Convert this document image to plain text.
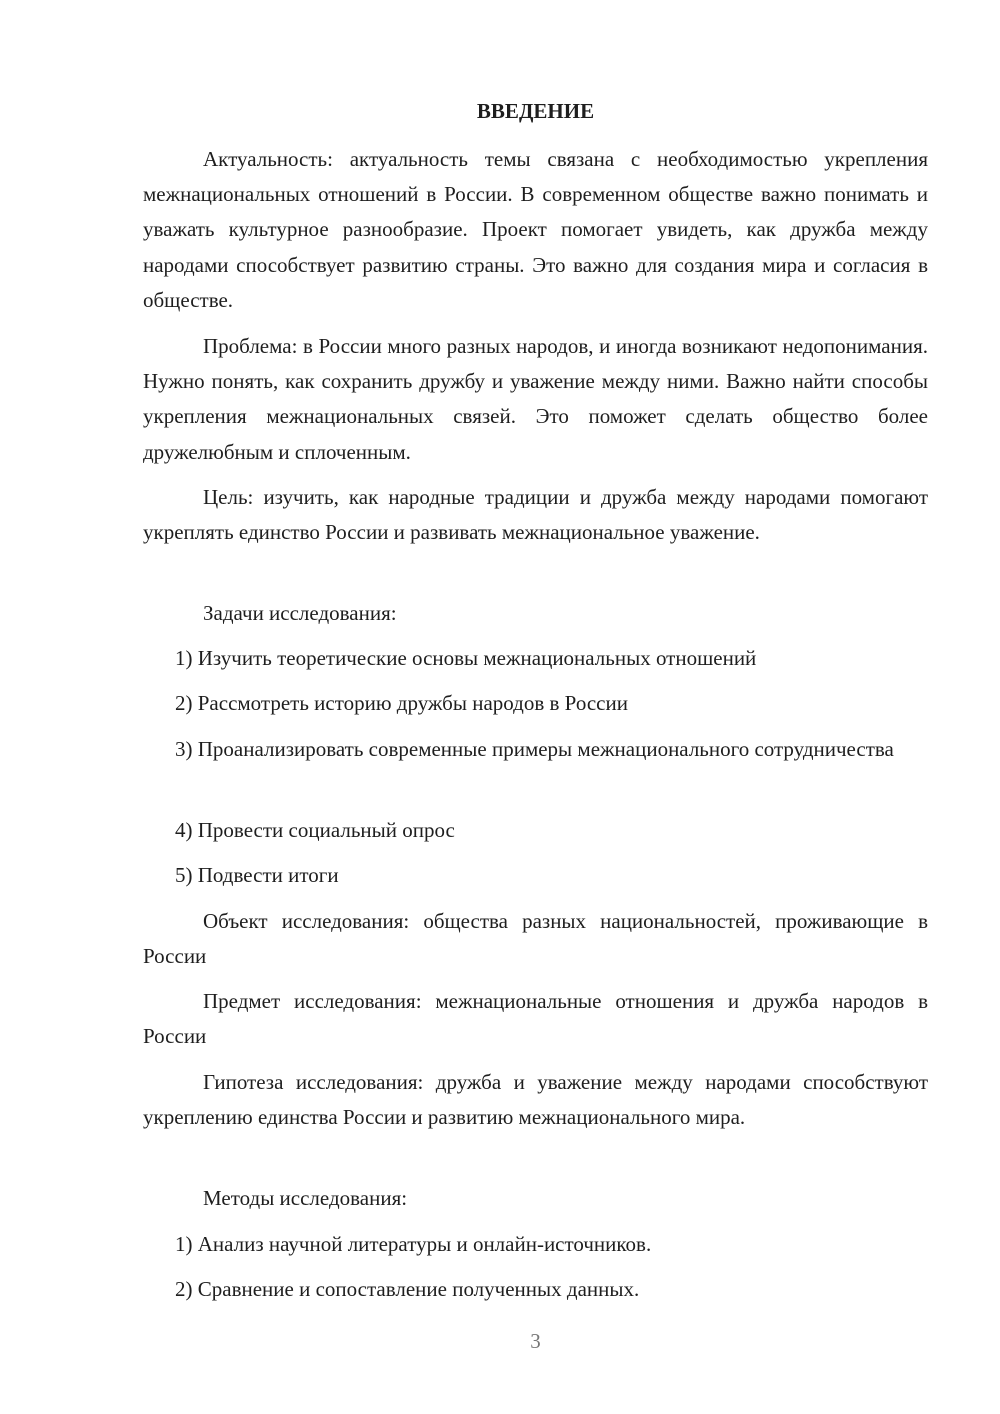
ВВЕДЕНИЕ

Актуальность: актуальность темы связана с необходимостью укрепления межнациональных отношений в России. В современном обществе важно понимать и уважать культурное разнообразие. Проект помогает увидеть, как дружба между народами способствует развитию страны. Это важно для создания мира и согласия в обществе.

Проблема: в России много разных народов, и иногда возникают недопонимания. Нужно понять, как сохранить дружбу и уважение между ними. Важно найти способы укрепления межнациональных связей. Это поможет сделать общество более дружелюбным и сплоченным.

Цель: изучить, как народные традиции и дружба между народами помогают укреплять единство России и развивать межнациональное уважение.

Задачи исследования:

1) Изучить теоретические основы межнациональных отношений

2) Рассмотреть историю дружбы народов в России

3) Проанализировать современные примеры межнационального сотрудничества

4) Провести социальный опрос

5) Подвести итоги

Объект исследования: общества разных национальностей, проживающие в России

Предмет исследования: межнациональные отношения и дружба народов в России

Гипотеза исследования: дружба и уважение между народами способствуют укреплению единства России и развитию межнационального мира.

Методы исследования:

1) Анализ научной литературы и онлайн-источников.

2) Сравнение и сопоставление полученных данных.

3
